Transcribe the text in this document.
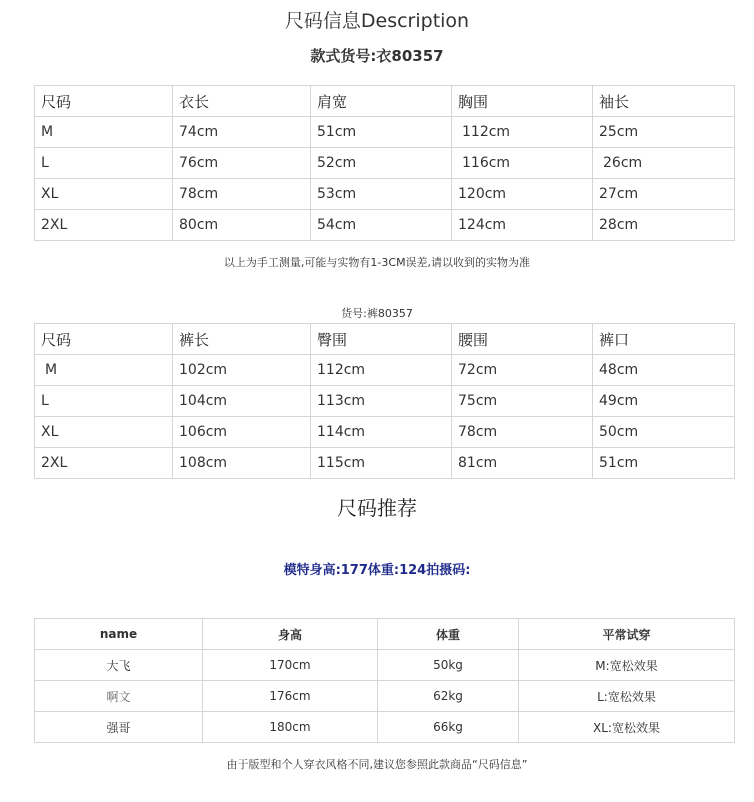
尺码信息Description
款式货号:衣80357
尺码	衣长	肩宽	胸围	袖长
M	74cm	51cm	112cm	25cm
L	76cm	52cm	116cm	26cm
XL	78cm	53cm	120cm	27cm
2XL	80cm	54cm	124cm	28cm
以上为手工测量,可能与实物有1-3CM误差,请以收到的实物为准
货号:裤80357
尺码	裤长	臀围	腰围	裤口
M	102cm	112cm	72cm	48cm
L	104cm	113cm	75cm	49cm
XL	106cm	114cm	78cm	50cm
2XL	108cm	115cm	81cm	51cm
尺码推荐
模特身高:177体重:124拍摄码:
name	身高	体重	平常试穿
大飞	170cm	50kg	M:宽松效果
啊文	176cm	62kg	L:宽松效果
强哥	180cm	66kg	XL:宽松效果
由于版型和个人穿衣风格不同,建议您参照此款商品“尺码信息”
